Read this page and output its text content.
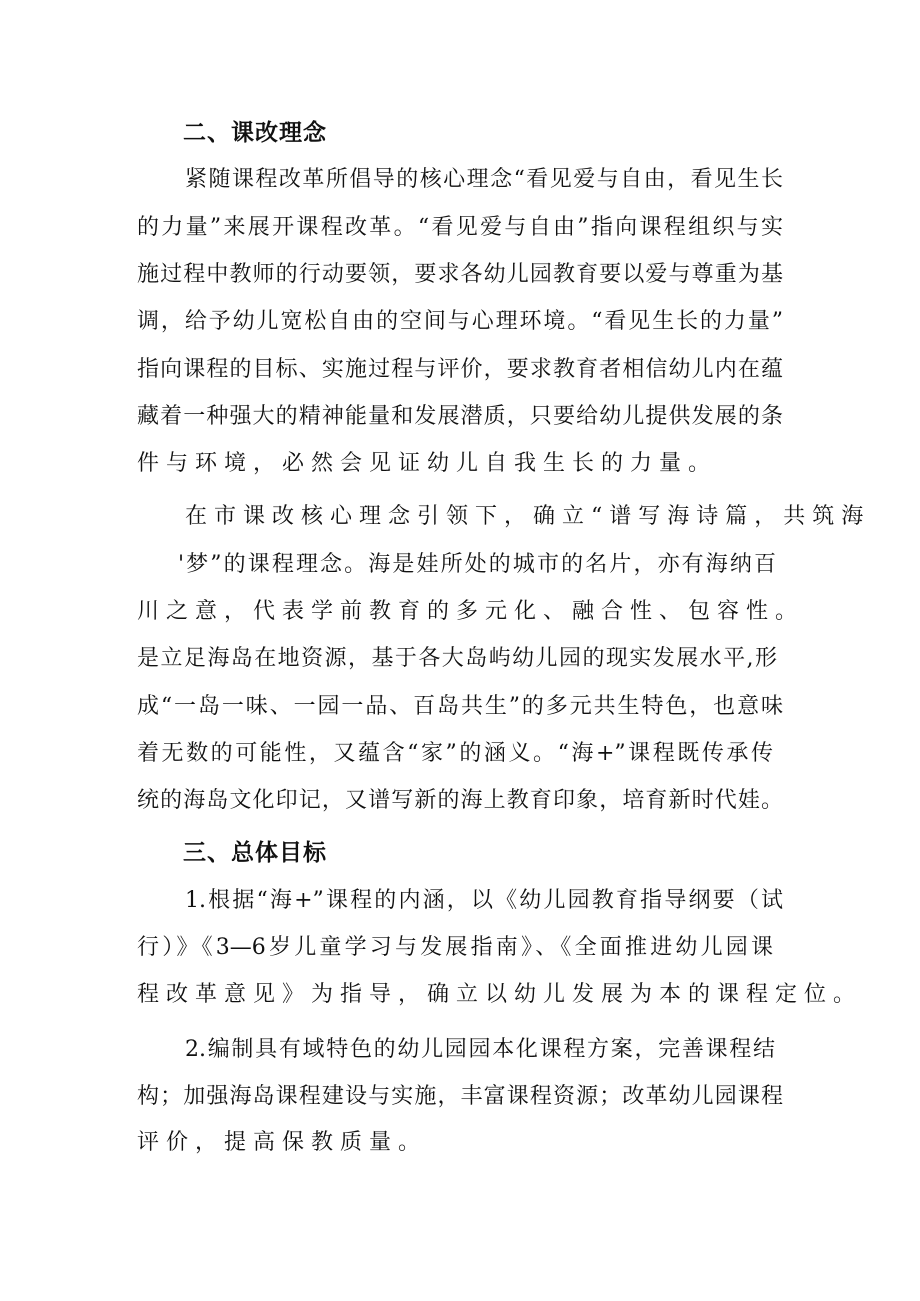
二、课改理念
紧随课程改革所倡导的核心理念“看见爱与自由，看见生长
的力量”来展开课程改革。“看见爱与自由”指向课程组织与实
施过程中教师的行动要领，要求各幼儿园教育要以爱与尊重为基
调，给予幼儿宽松自由的空间与心理环境。“看见生长的力量”
指向课程的目标、实施过程与评价，要求教育者相信幼儿内在蕴
藏着一种强大的精神能量和发展潜质，只要给幼儿提供发展的条
件与环境，必然会见证幼儿自我生长的力量。
在市课改核心理念引领下，确立“谱写海诗篇，共筑海
'梦”的课程理念。海是娃所处的城市的名片，亦有海纳百
川之意，代表学前教育的多元化、融合性、包容性。
是立足海岛在地资源，基于各大岛屿幼儿园的现实发展水平,形
成“一岛一味、一园一品、百岛共生”的多元共生特色，也意味
着无数的可能性，又蕴含“家”的涵义。“海+”课程既传承传
统的海岛文化印记，又谱写新的海上教育印象，培育新时代娃。
三、总体目标
1.根据“海+”课程的内涵，以《幼儿园教育指导纲要（试
行）》《3—6岁儿童学习与发展指南》、《全面推进幼儿园课
程改革意见》为指导，确立以幼儿发展为本的课程定位。
2.编制具有域特色的幼儿园园本化课程方案，完善课程结
构；加强海岛课程建设与实施，丰富课程资源；改革幼儿园课程
评价，提高保教质量。
